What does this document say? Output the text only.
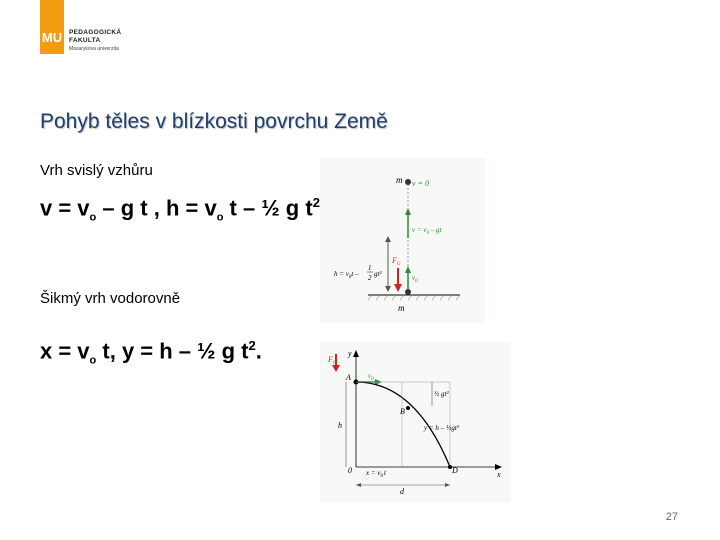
MU PEDAGOGICKÁ
FAKULTA
Masarykova univerzita
Pohyb těles v blízkosti povrchu Země
Vrh svislý vzhůru
$v = v_o - g$ t , $h = v_o$ t – ½ g $t^2$
Šikmý vrh vodorovně
$x = v_o$ t, y = h – ½ g $t^2$.
m v = 0
$v = v_0$ – gt
$h = v_0t$ –
1
2 gt²
$F_G$
$v_0$
m
y
x
0
$F_G$
A $v_0$
B
½ gt²
y = h – ½gt²
h
D
$x = v_0t$
d
27
